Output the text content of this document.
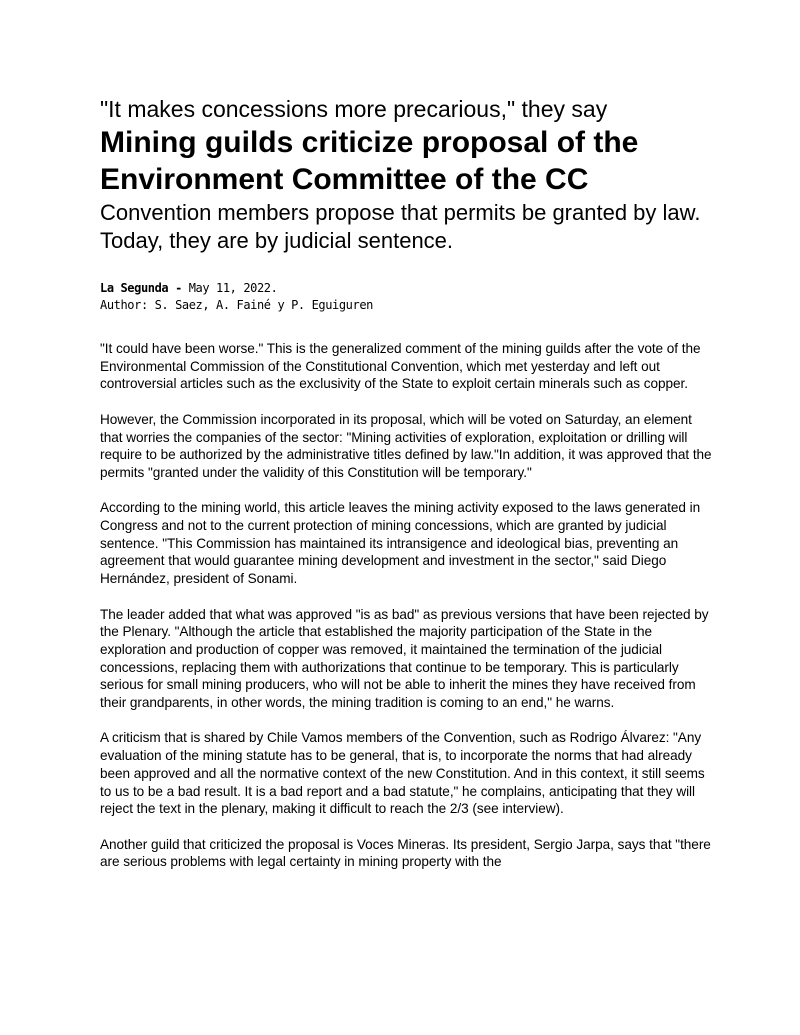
"It makes concessions more precarious," they say
Mining guilds criticize proposal of the Environment Committee of the CC
Convention members propose that permits be granted by law. Today, they are by judicial sentence.
La Segunda - May 11, 2022.
Author: S. Saez, A. Fainé y P. Eguiguren

"It could have been worse." This is the generalized comment of the mining guilds after the vote of the Environmental Commission of the Constitutional Convention, which met yesterday and left out controversial articles such as the exclusivity of the State to exploit certain minerals such as copper.

However, the Commission incorporated in its proposal, which will be voted on Saturday, an element that worries the companies of the sector: "Mining activities of exploration, exploitation or drilling will require to be authorized by the administrative titles defined by law."In addition, it was approved that the permits "granted under the validity of this Constitution will be temporary."

According to the mining world, this article leaves the mining activity exposed to the laws generated in Congress and not to the current protection of mining concessions, which are granted by judicial sentence. "This Commission has maintained its intransigence and ideological bias, preventing an agreement that would guarantee mining development and investment in the sector," said Diego Hernández, president of Sonami.

The leader added that what was approved "is as bad" as previous versions that have been rejected by the Plenary. "Although the article that established the majority participation of the State in the exploration and production of copper was removed, it maintained the termination of the judicial concessions, replacing them with authorizations that continue to be temporary. This is particularly serious for small mining producers, who will not be able to inherit the mines they have received from their grandparents, in other words, the mining tradition is coming to an end," he warns.

A criticism that is shared by Chile Vamos members of the Convention, such as Rodrigo Álvarez: "Any evaluation of the mining statute has to be general, that is, to incorporate the norms that had already been approved and all the normative context of the new Constitution. And in this context, it still seems to us to be a bad result. It is a bad report and a bad statute," he complains, anticipating that they will reject the text in the plenary, making it difficult to reach the 2/3 (see interview).

Another guild that criticized the proposal is Voces Mineras. Its president, Sergio Jarpa, says that "there are serious problems with legal certainty in mining property with the
